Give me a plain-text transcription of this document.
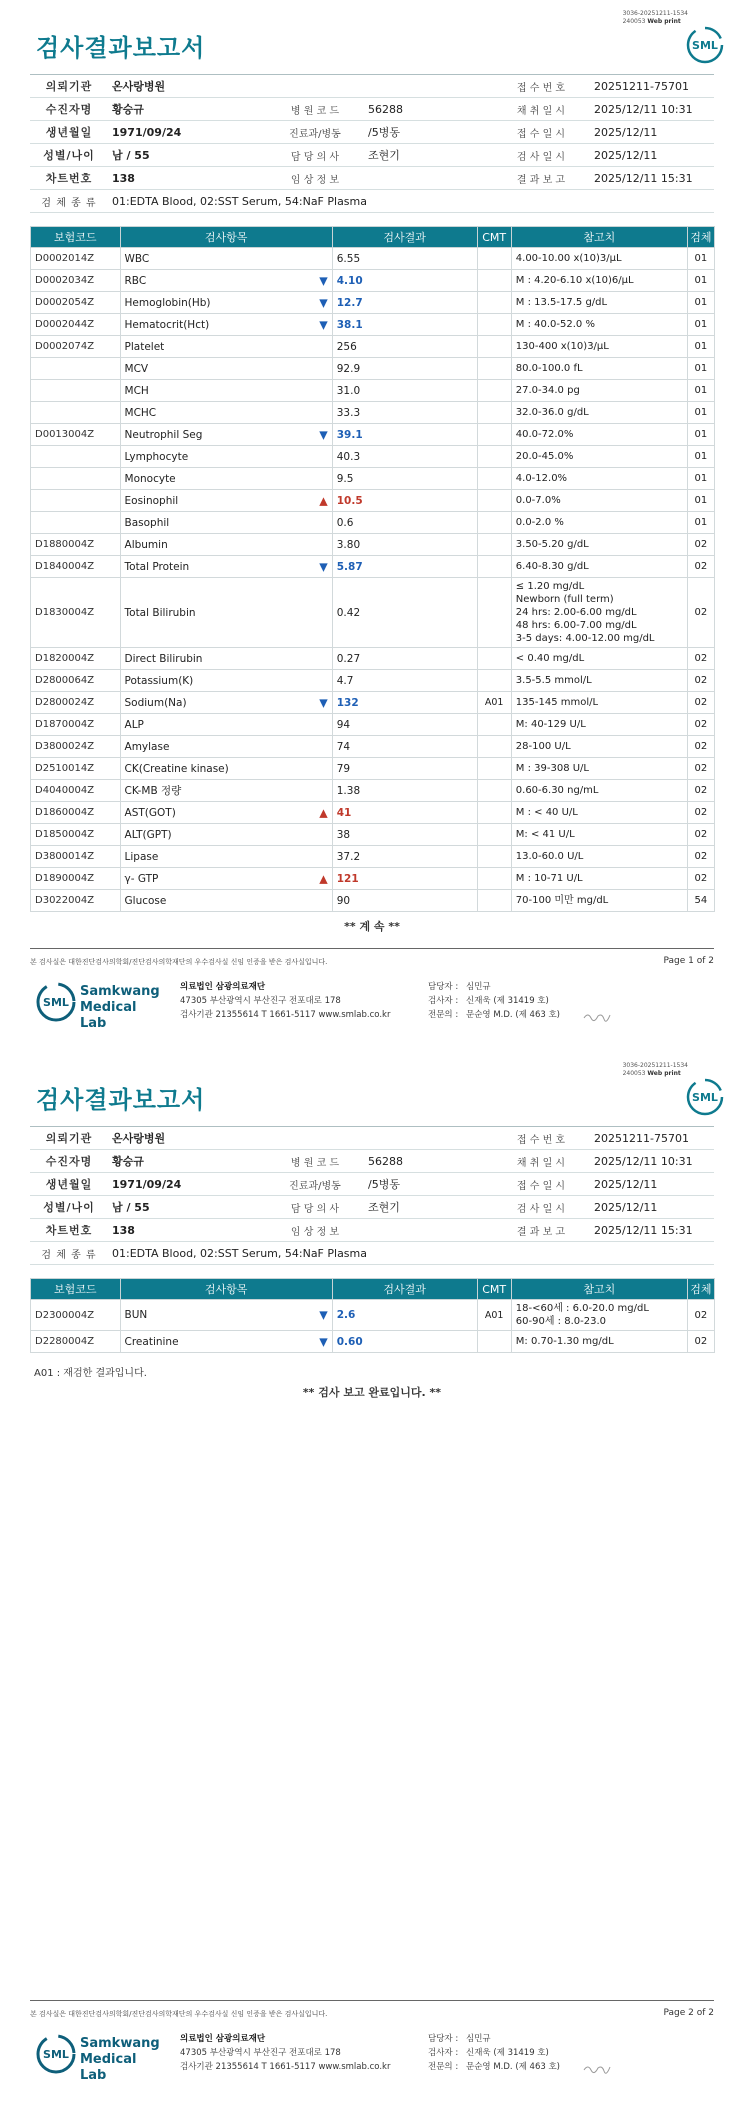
3036-20251211-1534
240053 Web print
검사결과보고서	SML
의뢰기관	온사랑병원			접 수 번 호	20251211-75701
수진자명	황승규	병 원 코 드	56288	채 취 일 시	2025/12/11 10:31
생년월일	1971/09/24	진료과/병동	/5병동	접 수 일 시	2025/12/11
성별/나이	남 / 55	담 당 의 사	조현기	검 사 일 시	2025/12/11
차트번호	138	임 상 정 보		결 과 보 고	2025/12/11 15:31
검 체 종 류	01:EDTA Blood, 02:SST Serum, 54:NaF Plasma				
보험코드	검사항목	검사결과	CMT	참고치	검체
D0002014Z	WBC	6.55		4.00-10.00 x(10)3/μL	01
D0002034Z	RBC ▼	4.10		M : 4.20-6.10 x(10)6/μL	01
D0002054Z	Hemoglobin(Hb) ▼	12.7		M : 13.5-17.5 g/dL	01
D0002044Z	Hematocrit(Hct) ▼	38.1		M : 40.0-52.0 %	01
D0002074Z	Platelet	256		130-400 x(10)3/μL	01
	MCV	92.9		80.0-100.0 fL	01
	MCH	31.0		27.0-34.0 pg	01
	MCHC	33.3		32.0-36.0 g/dL	01
D0013004Z	Neutrophil Seg ▼	39.1		40.0-72.0%	01
	Lymphocyte	40.3		20.0-45.0%	01
	Monocyte	9.5		4.0-12.0%	01
	Eosinophil ▲	10.5		0.0-7.0%	01
	Basophil	0.6		0.0-2.0 %	01
D1880004Z	Albumin	3.80		3.50-5.20 g/dL	02
D1840004Z	Total Protein ▼	5.87		6.40-8.30 g/dL	02
D1830004Z	Total Bilirubin	0.42		≤ 1.20 mg/dL
Newborn (full term)
24 hrs: 2.00-6.00 mg/dL
48 hrs: 6.00-7.00 mg/dL
3-5 days: 4.00-12.00 mg/dL	02
D1820004Z	Direct Bilirubin	0.27		< 0.40 mg/dL	02
D2800064Z	Potassium(K)	4.7		3.5-5.5 mmol/L	02
D2800024Z	Sodium(Na) ▼	132	A01	135-145 mmol/L	02
D1870004Z	ALP	94		M: 40-129 U/L	02
D3800024Z	Amylase	74		28-100 U/L	02
D2510014Z	CK(Creatine kinase)	79		M : 39-308 U/L	02
D4040004Z	CK-MB 정량	1.38		0.60-6.30 ng/mL	02
D1860004Z	AST(GOT) ▲	41		M : < 40 U/L	02
D1850004Z	ALT(GPT)	38		M: < 41 U/L	02
D3800014Z	Lipase	37.2		13.0-60.0 U/L	02
D1890004Z	γ- GTP ▲	121		M : 10-71 U/L	02
D3022004Z	Glucose	90		70-100 미만 mg/dL	54
** 계 속 **
본 검사실은 대한진단검사의학회/진단검사의학재단의 우수검사실 신임 인증을 받은 검사실입니다.	Page 1 of 2
SML
Samkwang
Medical Lab
의료법인 삼광의료재단
47305 부산광역시 부산진구 전포대로 178
검사기관 21355614 T 1661-5117 www.smlab.co.kr
담당자 : 심민규
검사자 : 신재욱 (제 31419 호)
전문의 : 문순영 M.D. (제 463 호)
3036-20251211-1534
240053 Web print
검사결과보고서	SML
의뢰기관	온사랑병원			접 수 번 호	20251211-75701
수진자명	황승규	병 원 코 드	56288	채 취 일 시	2025/12/11 10:31
생년월일	1971/09/24	진료과/병동	/5병동	접 수 일 시	2025/12/11
성별/나이	남 / 55	담 당 의 사	조현기	검 사 일 시	2025/12/11
차트번호	138	임 상 정 보		결 과 보 고	2025/12/11 15:31
검 체 종 류	01:EDTA Blood, 02:SST Serum, 54:NaF Plasma				
보험코드	검사항목	검사결과	CMT	참고치	검체
D2300004Z	BUN ▼	2.6	A01	18-<60세 : 6.0-20.0 mg/dL
60-90세 : 8.0-23.0	02
D2280004Z	Creatinine ▼	0.60		M: 0.70-1.30 mg/dL	02
A01 : 재검한 결과입니다.
** 검사 보고 완료입니다. **
본 검사실은 대한진단검사의학회/진단검사의학재단의 우수검사실 신임 인증을 받은 검사실입니다.	Page 2 of 2
SML
Samkwang
Medical Lab
의료법인 삼광의료재단
47305 부산광역시 부산진구 전포대로 178
검사기관 21355614 T 1661-5117 www.smlab.co.kr
담당자 : 심민규
검사자 : 신재욱 (제 31419 호)
전문의 : 문순영 M.D. (제 463 호)
